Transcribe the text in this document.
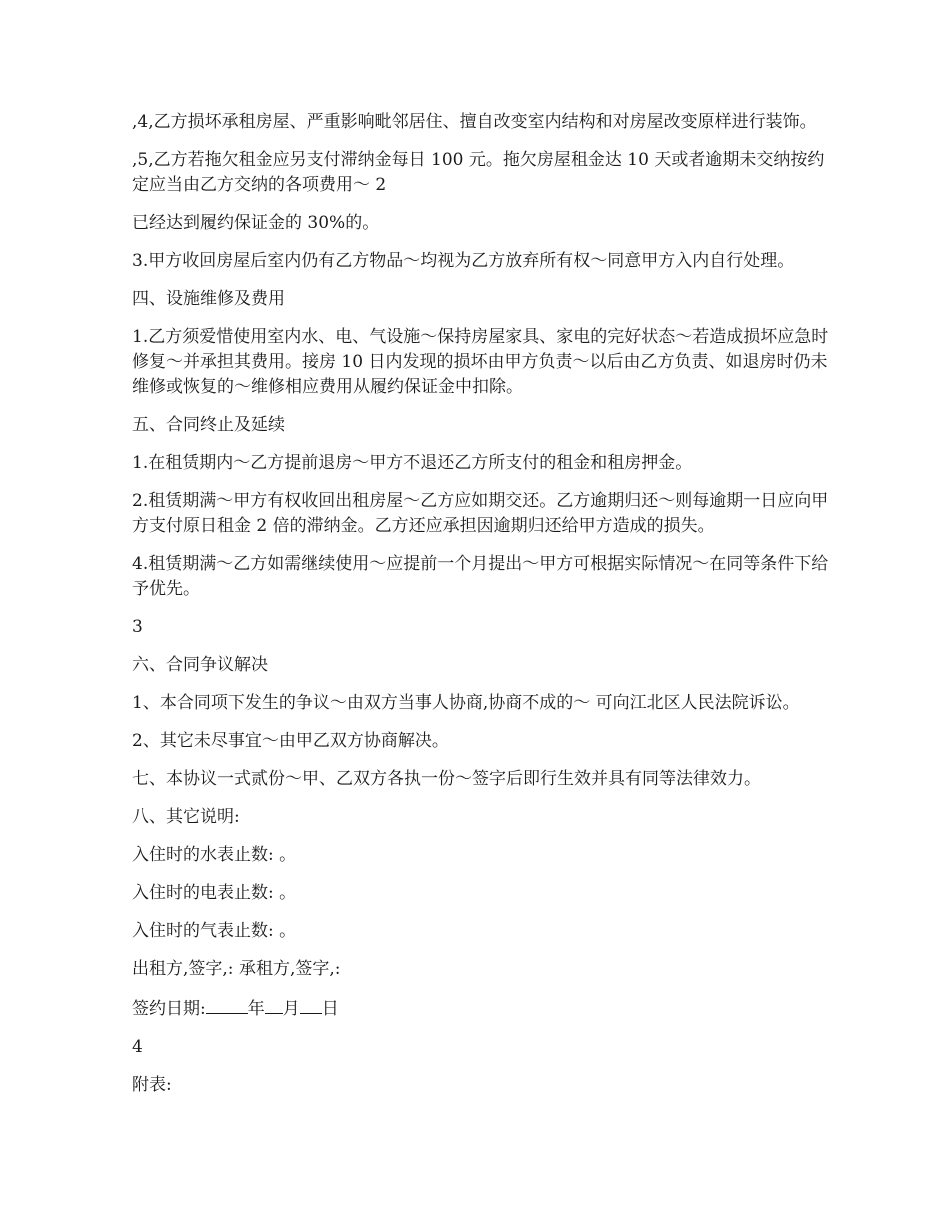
,4,乙方损坏承租房屋、严重影响毗邻居住、擅自改变室内结构和对房屋改变原样进行装饰。

,5,乙方若拖欠租金应另支付滞纳金每日 100 元。拖欠房屋租金达 10 天或者逾期未交纳按约定应当由乙方交纳的各项费用～ 2

已经达到履约保证金的 30%的。

3.甲方收回房屋后室内仍有乙方物品～均视为乙方放弃所有权～同意甲方入内自行处理。

四、设施维修及费用

1.乙方须爱惜使用室内水、电、气设施～保持房屋家具、家电的完好状态～若造成损坏应急时修复～并承担其费用。接房 10 日内发现的损坏由甲方负责～以后由乙方负责、如退房时仍未维修或恢复的～维修相应费用从履约保证金中扣除。

五、合同终止及延续

1.在租赁期内～乙方提前退房～甲方不退还乙方所支付的租金和租房押金。

2.租赁期满～甲方有权收回出租房屋～乙方应如期交还。乙方逾期归还～则每逾期一日应向甲方支付原日租金 2 倍的滞纳金。乙方还应承担因逾期归还给甲方造成的损失。

4.租赁期满～乙方如需继续使用～应提前一个月提出～甲方可根据实际情况～在同等条件下给予优先。

3

六、合同争议解决

1、本合同项下发生的争议～由双方当事人协商,协商不成的～ 可向江北区人民法院诉讼。

2、其它未尽事宜～由甲乙双方协商解决。

七、本协议一式贰份～甲、乙双方各执一份～签字后即行生效并具有同等法律效力。

八、其它说明:

入住时的水表止数: 。

入住时的电表止数: 。

入住时的气表止数: 。

出租方,签字,: 承租方,签字,:

签约日期: 年 月 日

4

附表:
